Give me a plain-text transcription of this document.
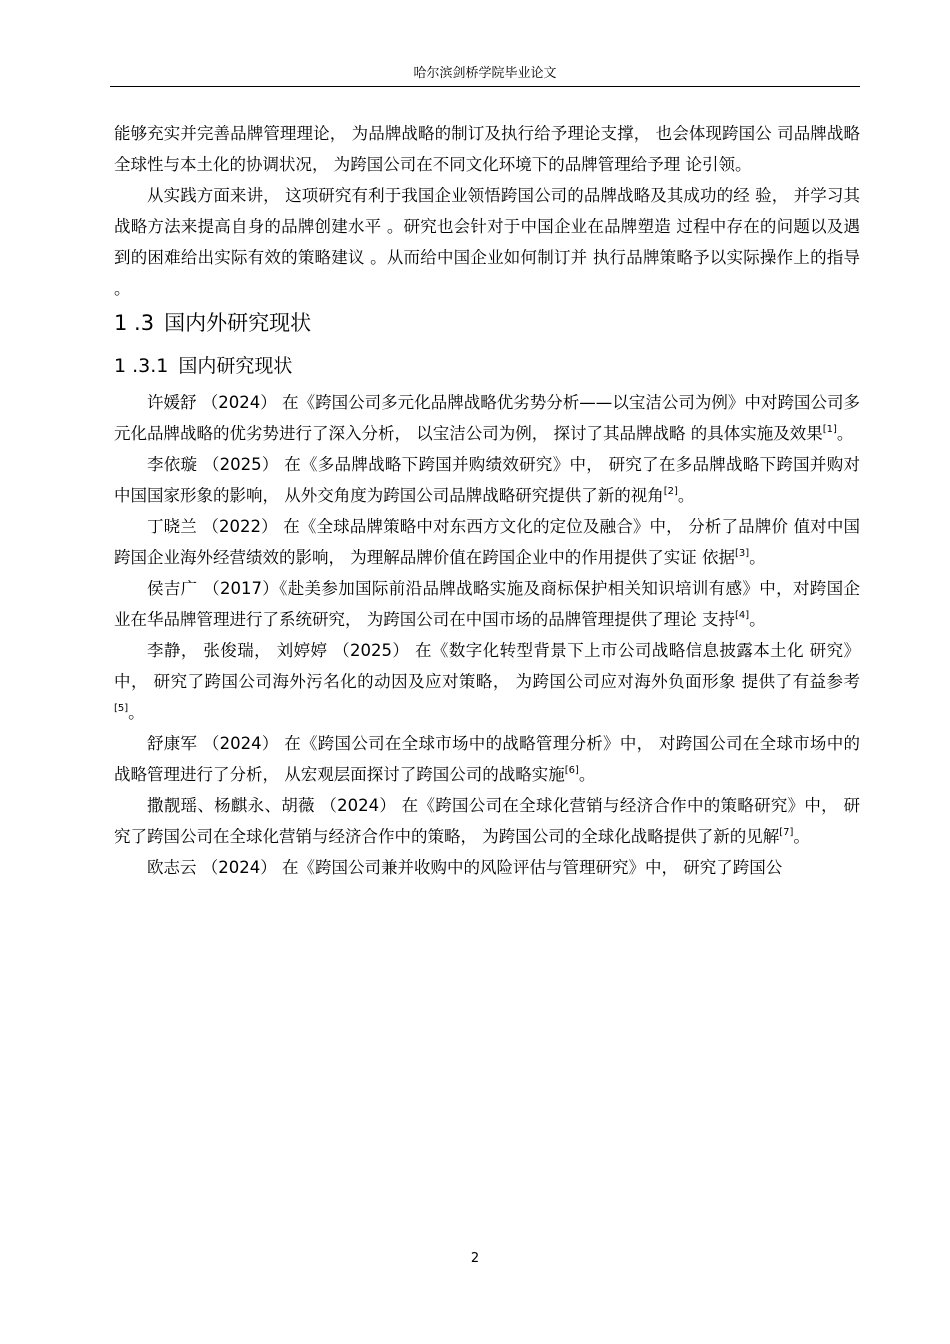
哈尔滨剑桥学院毕业论文

能够充实并完善品牌管理理论， 为品牌战略的制订及执行给予理论支撑， 也会体现跨国公 司品牌战略全球性与本土化的协调状况， 为跨国公司在不同文化环境下的品牌管理给予理 论引领。

从实践方面来讲， 这项研究有利于我国企业领悟跨国公司的品牌战略及其成功的经 验， 并学习其战略方法来提高自身的品牌创建水平 。研究也会针对于中国企业在品牌塑造 过程中存在的问题以及遇到的困难给出实际有效的策略建议 。从而给中国企业如何制订并 执行品牌策略予以实际操作上的指导 。

1 .3 国内外研究现状
1 .3.1 国内研究现状

许媛舒 （2024） 在《跨国公司多元化品牌战略优劣势分析——以宝洁公司为例》中对跨国公司多元化品牌战略的优劣势进行了深入分析， 以宝洁公司为例， 探讨了其品牌战略 的具体实施及效果[1]。

李依璇 （2025） 在《多品牌战略下跨国并购绩效研究》中， 研究了在多品牌战略下跨国并购对中国国家形象的影响， 从外交角度为跨国公司品牌战略研究提供了新的视角[2]。

丁晓兰 （2022） 在《全球品牌策略中对东西方文化的定位及融合》中， 分析了品牌价 值对中国跨国企业海外经营绩效的影响， 为理解品牌价值在跨国企业中的作用提供了实证 依据[3]。

侯吉广 （2017）《赴美参加国际前沿品牌战略实施及商标保护相关知识培训有感》中，对跨国企业在华品牌管理进行了系统研究， 为跨国公司在中国市场的品牌管理提供了理论 支持[4]。

李静， 张俊瑞， 刘婷婷 （2025） 在《数字化转型背景下上市公司战略信息披露本土化 研究》 中， 研究了跨国公司海外污名化的动因及应对策略， 为跨国公司应对海外负面形象 提供了有益参考[5]。

舒康军 （2024） 在《跨国公司在全球市场中的战略管理分析》中， 对跨国公司在全球市场中的战略管理进行了分析， 从宏观层面探讨了跨国公司的战略实施[6]。

撒靓瑶、杨麒永、胡薇 （2024） 在《跨国公司在全球化营销与经济合作中的策略研究》中， 研究了跨国公司在全球化营销与经济合作中的策略， 为跨国公司的全球化战略提供了新的见解[7]。

欧志云 （2024） 在《跨国公司兼并收购中的风险评估与管理研究》中， 研究了跨国公

2
